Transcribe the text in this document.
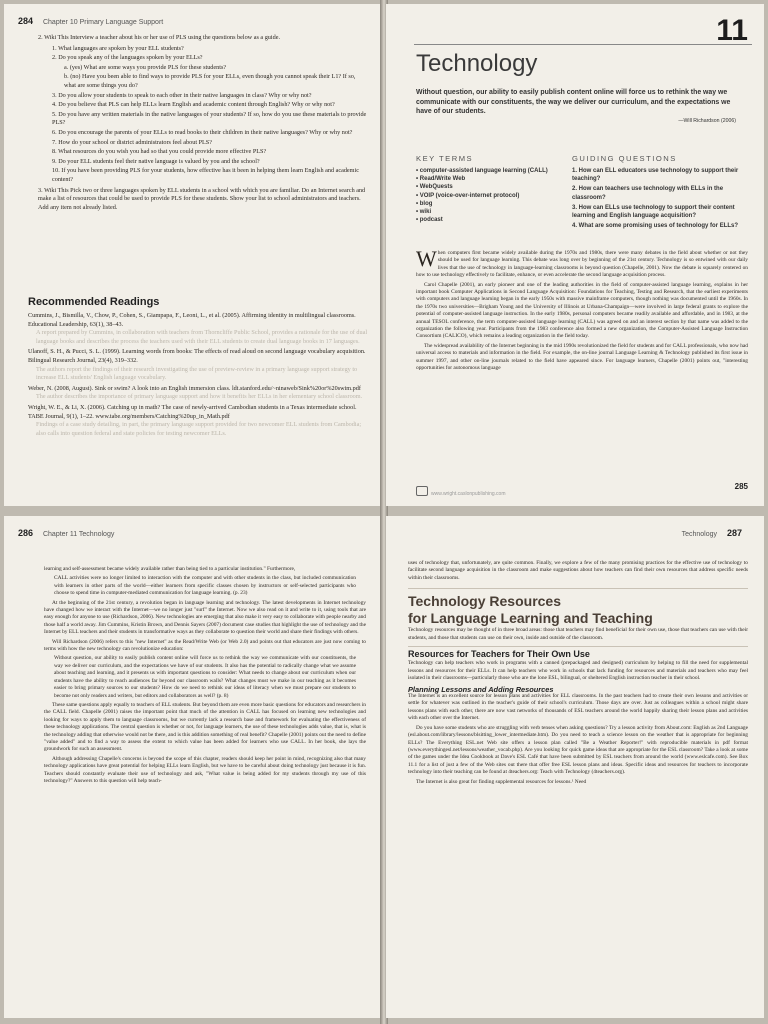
284 Chapter 10 Primary Language Support

2. Wiki This Interview a teacher about his or her use of PLS using the questions below as a guide.

1. What languages are spoken by your ELL students?
2. Do you speak any of the languages spoken by your ELLs?
a. (yes) What are some ways you provide PLS for these students?
b. (no) Have you been able to find ways to provide PLS for your ELLs, even though you cannot speak their L1? If so, what are some things you do?
3. Do you allow your students to speak to each other in their native languages in class? Why or why not?
4. Do you believe that PLS can help ELLs learn English and academic content through English? Why or why not?
5. Do you have any written materials in the native languages of your students? If so, how do you use these materials to provide PLS?
6. Do you encourage the parents of your ELLs to read books to their children in their native languages? Why or why not?
7. How do your school or district administrators feel about PLS?
8. What resources do you wish you had so that you could provide more effective PLS?
9. Do your ELL students feel their native language is valued by you and the school?
10. If you have been providing PLS for your students, how effective has it been in helping them learn English and academic content?

3. Wiki This Pick two or three languages spoken by ELL students in a school with which you are familiar. Do an Internet search and make a list of resources that could be used to provide PLS for these students. Show your list to school administrators and teachers. Add any item not already listed.

Recommended Readings
Cummins, J., Bismilla, V., Chow, P., Cohen, S., Giampapa, F., Leoni, L., et al. (2005). Affirming identity in multilingual classrooms. Educational Leadership, 63(1), 38–43.
A report prepared by Cummins, in collaboration with teachers from Thorncliffe Public School, provides a rationale for the use of dual language books and describes the process the teachers used with their ELL students to create dual language books in 17 languages.
Ulanoff, S. H., & Pucci, S. L. (1999). Learning words from books: The effects of read aloud on second language vocabulary acquisition. Bilingual Research Journal, 23(4), 319–332.
The authors report the findings of their research investigating the use of preview-review in a primary language support strategy to increase ELL students' English language vocabulary.
Weber, N. (2008, August). Sink or swim? A look into an English immersion class. ldt.stanford.edu/~ninaweb/Sink%20or%20swim.pdf
The author describes the importance of primary language support and how it benefits her ELLs in her elementary school classroom.
Wright, W. E., & Li, X. (2006). Catching up in math? The case of newly-arrived Cambodian students in a Texas intermediate school. TABE Journal, 9(1), 1–22. www.tabe.org/members/Catching%20up_in_Math.pdf
Findings of a case study detailing, in part, the primary language support provided for two newcomer ELL students from Cambodia; also calls into question federal and state policies for testing newcomer ELLs.
11
Technology
Without question, our ability to easily publish content online will force us to rethink the way we communicate with our constituents, the way we deliver our curriculum, and the expectations we have of our students.
—Will Richardson (2006)
KEY TERMS
• computer-assisted language learning (CALL)
• Read/Write Web
• WebQuests
• VOIP (voice-over-internet protocol)
• blog
• wiki
• podcast
GUIDING QUESTIONS
1. How can ELL educators use technology to support their teaching?
2. How can teachers use technology with ELLs in the classroom?
3. How can ELLs use technology to support their content learning and English language acquisition?
4. What are some promising uses of technology for ELLs?

When computers first became widely available during the 1970s and 1980s, there were many debates in the field about whether or not they should be used for language learning. This debate was long over by beginning of the 21st century. Technology is so entwined with our daily lives that the use of technology in language-learning classrooms is beyond question (Chapelle, 2001). Now the debate is squarely centered on how to use technology effectively to facilitate, enhance, or even accelerate the second language acquisition process.

Carol Chapelle (2001), an early pioneer and one of the leading authorities in the field of computer-assisted language learning, explains in her important book Computer Applications in Second Language Acquisition: Foundations for Teaching, Testing and Research, that the earliest experiments with computers and language learning began in the early 1950s with massive mainframe computers, though nothing was documented until the 1960s. In the 1970s two universities—Brigham Young and the University of Illinois at Urbana-Champaign—were involved in large federal grants to explore the potential of computer-assisted language instruction. In the early 1980s, personal computers became readily available and affordable, and in 1983, at the annual TESOL conference, the term computer-assisted language learning (CALL) was agreed on and an interest section by that name was added to the organization the following year. Participants from the 1983 conference also formed a new organization, the Computer-Assisted Language Instruction Consortium (CALICO), which remains a leading organization in the field today.

The widespread availability of the Internet beginning in the mid 1990s revolutionized the field for students and for CALL professionals, who now had universal access to materials and information in the field. For example, the on-line journal Language Learning & Technology published its first issue in summer 1997, and other on-line journals related to the field have appeared since. For language learners, Chapelle (2001) points out, "interesting opportunities for autonomous language

www.wright.caslonpublishing.com
285
286 Chapter 11 Technology

learning and self-assessment became widely available rather than being tied to a particular institution." Furthermore,

CALL activities were no longer limited to interaction with the computer and with other students in the class, but included communication with learners in other parts of the world—either learners from specific classes chosen by instructors or self-selected participants who choose to spend time in computer-mediated communication for language learning. (p. 23)

At the beginning of the 21st century, a revolution began in language learning and technology. The latest developments in Internet technology have changed how we interact with the Internet—we no longer just "surf" the Internet. Now we also read on it and write to it, using tools that are easy enough for anyone to use (Richardson, 2006). New technologies are emerging that also make it very easy to collaborate with people nearby and those half a world away. Jim Cummins, Kristin Brown, and Dennis Sayers (2007) document case studies that highlight the use of technology and the Internet by ELL teachers and their students in transformative ways as they collaborate to question their world and share their findings with others.

Will Richardson (2006) refers to this "new Internet" as the Read/Write Web (or Web 2.0) and points out that educators are just now coming to terms with how the new technology can revolutionize education:

Without question, our ability to easily publish content online will force us to rethink the way we communicate with our constituents, the way we deliver our curriculum, and the expectations we have of our students. It also has the potential to radically change what we assume about teaching and learning, and it presents us with important questions to consider: What needs to change about our curriculum when our students have the ability to reach audiences far beyond our classroom walls? What changes must we make in our teaching as it becomes easier to bring primary sources to our students? How do we need to rethink our ideas of literacy when we must prepare our students to become not only readers and writers, but editors and collaborators as well? (p. 8)

These same questions apply equally to teachers of ELL students. But beyond them are even more basic questions for educators and researchers in the CALL field. Chapelle (2001) raises the important point that much of the attention in CALL has focused on learning new technologies and looking for ways to apply them to language classrooms, but we currently lack a research base and framework for evaluating the effectiveness of these technology applications. The central question is whether or not, for language learners, the use of these technologies adds value, that is, what is the technology adding that otherwise would not be there, and is this addition something of real benefit? Chapelle (2001) points out the need to define "value added" and to find a way to assess the extent to which value has been added for learners who use CALL. In her book, she lays the groundwork for such an assessment.

Although addressing Chapelle's concerns is beyond the scope of this chapter, readers should keep her point in mind, recognizing also that many technology applications have great potential for helping ELLs learn English, but we have to be careful about doing technology just because it is fun. Teachers should constantly evaluate their use of technology and ask, "What value is being added for my students through my use of this technology?" Answers to this question will help teach-

Technology 287

uses of technology that, unfortunately, are quite common. Finally, we explore a few of the many promising practices for the effective use of technology to facilitate second language acquisition in the classroom and make suggestions about how teachers can find their own resources that address specific needs within their classrooms.

Technology Resources
for Language Learning and Teaching

Technology resources may be thought of in three broad areas: those that teachers may find beneficial for their own use, those that teachers can use with their students, and those that students can use on their own, inside and outside of the classroom.

Resources for Teachers for Their Own Use

Technology can help teachers who work in programs with a canned (prepackaged and designed) curriculum by helping to fill the need for supplemental lessons and resources for their ELLs. It can help teachers who work in schools that lack funding for resources and materials and teachers who may feel isolated in their classrooms—particularly those who are the lone ESL, bilingual, or sheltered English instruction teacher in their school.

Planning Lessons and Adding Resources

The Internet is an excellent source for lesson plans and activities for ELL classrooms. In the past teachers had to create their own lessons and activities or settle for whatever was outlined in the teacher's guide of their school's curriculum. Those days are over. Just as colleagues within a school might share lessons plans with each other, there are now vast networks of thousands of ESL teachers around the world happily sharing their lesson plans and activities with each other over the Internet.

Do you have some students who are struggling with verb tenses when asking questions? Try a lesson activity from About.com: English as 2nd Language (esl.about.com/library/lessons/blsitting_lower_intermediate.htm). Do you need to teach a science lesson on the weather that is appropriate for beginning ELLs? The Everything ESL.net Web site offers a lesson plan called "Be a Weather Reporter!" with reproducible materials in pdf format (www.everythingesl.net/lessons/weather_vocab.php). Are you looking for quick game ideas that are appropriate for the ESL classroom? Take a look at some of the games under the Idea Cookbook at Dave's ESL Café that have been submitted by ESL teachers from around the world (www.eslcafe.com). See Box 11.1 for a list of just a few of the Web sites out there that offer free ESL lesson plans and ideas. Specific ideas and resources for teachers to incorporate technology into their teaching can be found at 4teachers.org: Teach with Technology (4teachers.org).

The Internet is also great for finding supplemental resources for lessons.¹ Need
